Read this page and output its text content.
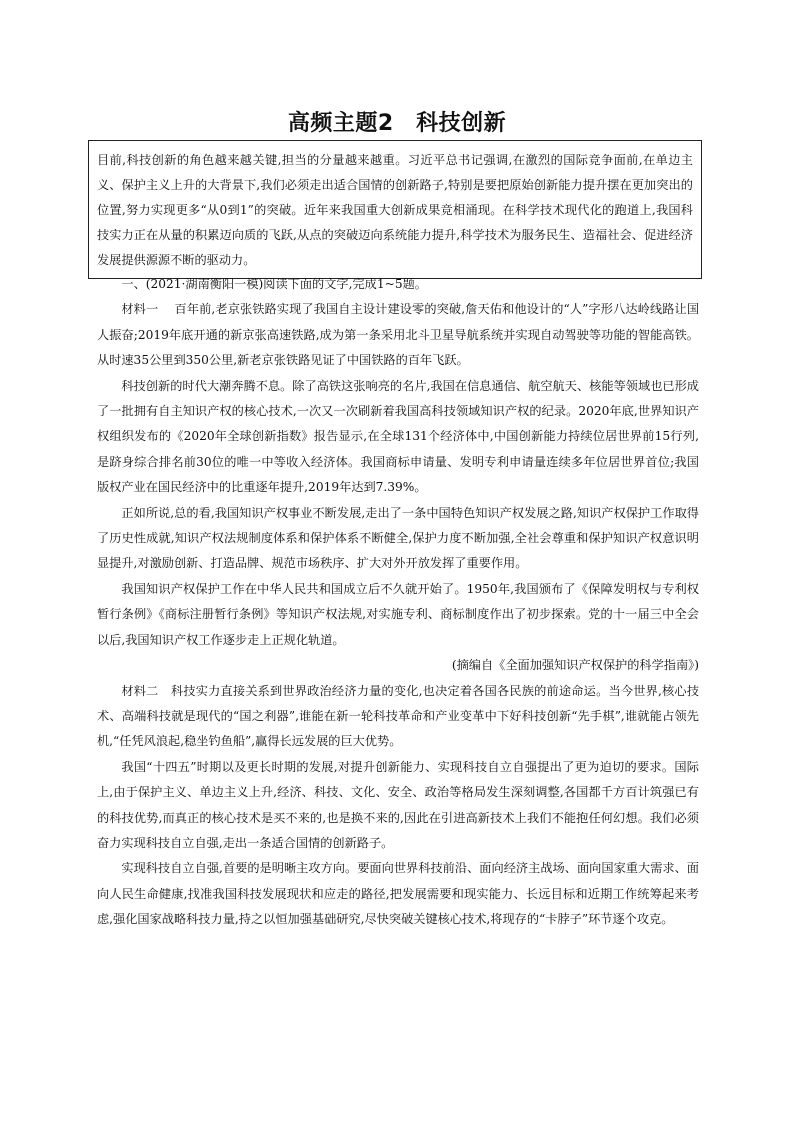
高频主题2　科技创新
目前,科技创新的角色越来越关键,担当的分量越来越重。习近平总书记强调,在激烈的国际竞争面前,在单边主义、保护主义上升的大背景下,我们必须走出适合国情的创新路子,特别是要把原始创新能力提升摆在更加突出的位置,努力实现更多“从0到1”的突破。近年来我国重大创新成果竞相涌现。在科学技术现代化的跑道上,我国科技实力正在从量的积累迈向质的飞跃,从点的突破迈向系统能力提升,科学技术为服务民生、造福社会、促进经济发展提供源源不断的驱动力。

一、(2021·湖南衡阳一模)阅读下面的文字,完成1~5题。

材料一　 百年前,老京张铁路实现了我国自主设计建设零的突破,詹天佑和他设计的“人”字形八达岭线路让国人振奋;2019年底开通的新京张高速铁路,成为第一条采用北斗卫星导航系统并实现自动驾驶等功能的智能高铁。从时速35公里到350公里,新老京张铁路见证了中国铁路的百年飞跃。

科技创新的时代大潮奔腾不息。除了高铁这张响亮的名片,我国在信息通信、航空航天、核能等领域也已形成了一批拥有自主知识产权的核心技术,一次又一次刷新着我国高科技领域知识产权的纪录。2020年底,世界知识产权组织发布的《2020年全球创新指数》报告显示,在全球131个经济体中,中国创新能力持续位居世界前15行列,是跻身综合排名前30位的唯一中等收入经济体。我国商标申请量、发明专利申请量连续多年位居世界首位;我国版权产业在国民经济中的比重逐年提升,2019年达到7.39%。

正如所说,总的看,我国知识产权事业不断发展,走出了一条中国特色知识产权发展之路,知识产权保护工作取得了历史性成就,知识产权法规制度体系和保护体系不断健全,保护力度不断加强,全社会尊重和保护知识产权意识明显提升,对激励创新、打造品牌、规范市场秩序、扩大对外开放发挥了重要作用。

我国知识产权保护工作在中华人民共和国成立后不久就开始了。1950年,我国颁布了《保障发明权与专利权暂行条例》《商标注册暂行条例》等知识产权法规,对实施专利、商标制度作出了初步探索。党的十一届三中全会以后,我国知识产权工作逐步走上正规化轨道。

(摘编自《全面加强知识产权保护的科学指南》)

材料二　 科技实力直接关系到世界政治经济力量的变化,也决定着各国各民族的前途命运。当今世界,核心技术、高端科技就是现代的“国之利器”,谁能在新一轮科技革命和产业变革中下好科技创新“先手棋”,谁就能占领先机,“任凭风浪起,稳坐钓鱼船”,赢得长远发展的巨大优势。

我国“十四五”时期以及更长时期的发展,对提升创新能力、实现科技自立自强提出了更为迫切的要求。国际上,由于保护主义、单边主义上升,经济、科技、文化、安全、政治等格局发生深刻调整,各国都千方百计筑强已有的科技优势,而真正的核心技术是买不来的,也是换不来的,因此在引进高新技术上我们不能抱任何幻想。我们必须奋力实现科技自立自强,走出一条适合国情的创新路子。

实现科技自立自强,首要的是明晰主攻方向。要面向世界科技前沿、面向经济主战场、面向国家重大需求、面向人民生命健康,找准我国科技发展现状和应走的路径,把发展需要和现实能力、长远目标和近期工作统筹起来考虑,强化国家战略科技力量,持之以恒加强基础研究,尽快突破关键核心技术,将现存的“卡脖子”环节逐个攻克。
